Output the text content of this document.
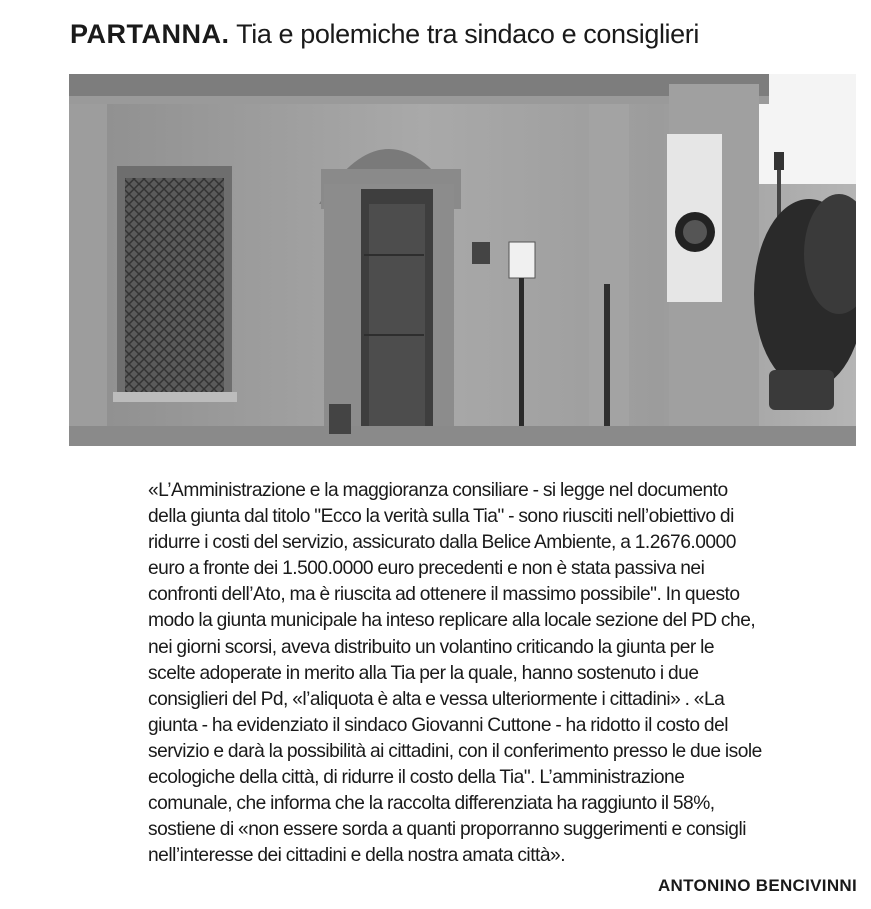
PARTANNA. Tia e polemiche tra sindaco e consiglieri
«L’Amministrazione e la maggioranza consiliare - si legge nel documento
della giunta dal titolo "Ecco la verità sulla Tia" - sono riusciti nell’obiettivo di
ridurre i costi del servizio, assicurato dalla Belice Ambiente, a 1.2676.0000
euro a fronte dei 1.500.0000 euro precedenti e non è stata passiva nei
confronti dell’Ato, ma è riuscita ad ottenere il massimo possibile". In questo
modo la giunta municipale ha inteso replicare alla locale sezione del PD che,
nei giorni scorsi, aveva distribuito un volantino criticando la giunta per le
scelte adoperate in merito alla Tia per la quale, hanno sostenuto i due
consiglieri del Pd, «l’aliquota è alta e vessa ulteriormente i cittadini» . «La
giunta - ha evidenziato il sindaco Giovanni Cuttone - ha ridotto il costo del
servizio e darà la possibilità ai cittadini, con il conferimento presso le due isole
ecologiche della città, di ridurre il costo della Tia". L’amministrazione
comunale, che informa che la raccolta differenziata ha raggiunto il 58%,
sostiene di «non essere sorda a quanti proporranno suggerimenti e consigli
nell’interesse dei cittadini e della nostra amata città».
ANTONINO BENCIVINNI
